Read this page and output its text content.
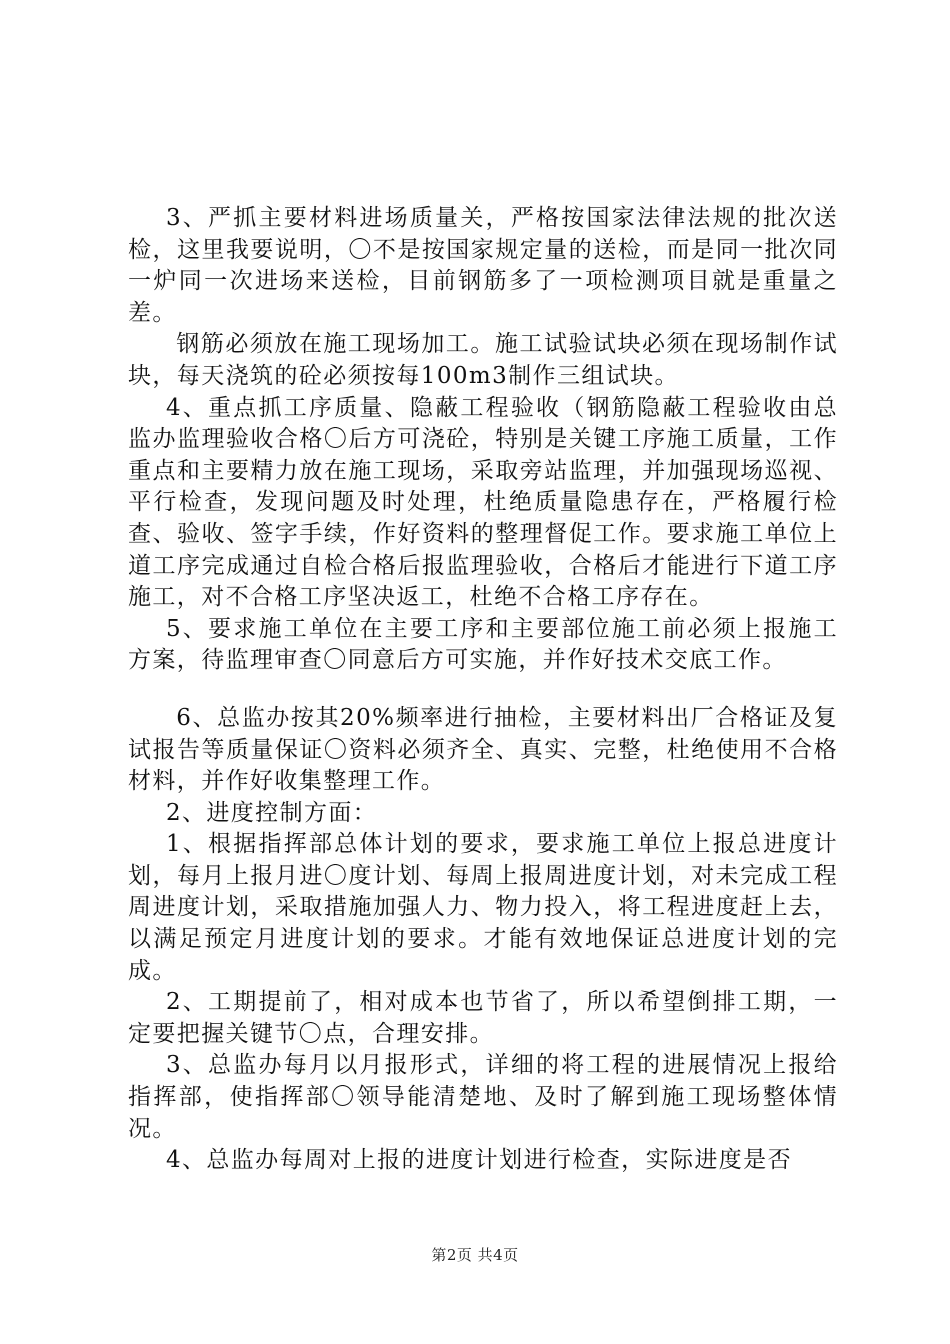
3、严抓主要材料进场质量关，严格按国家法律法规的批次送检，这里我要说明，〇不是按国家规定量的送检，而是同一批次同一炉同一次进场来送检，目前钢筋多了一项检测项目就是重量之差。

钢筋必须放在施工现场加工。施工试验试块必须在现场制作试块，每天浇筑的砼必须按每100m3制作三组试块。

4、重点抓工序质量、隐蔽工程验收（钢筋隐蔽工程验收由总监办监理验收合格〇后方可浇砼，特别是关键工序施工质量，工作重点和主要精力放在施工现场，采取旁站监理，并加强现场巡视、平行检查，发现问题及时处理，杜绝质量隐患存在，严格履行检查、验收、签字手续，作好资料的整理督促工作。要求施工单位上道工序完成通过自检合格后报监理验收，合格后才能进行下道工序施工，对不合格工序坚决返工，杜绝不合格工序存在。

5、要求施工单位在主要工序和主要部位施工前必须上报施工方案，待监理审查〇同意后方可实施，并作好技术交底工作。

6、总监办按其20%频率进行抽检，主要材料出厂合格证及复试报告等质量保证〇资料必须齐全、真实、完整，杜绝使用不合格材料，并作好收集整理工作。

2、进度控制方面：

1、根据指挥部总体计划的要求，要求施工单位上报总进度计划，每月上报月进〇度计划、每周上报周进度计划，对未完成工程周进度计划，采取措施加强人力、物力投入，将工程进度赶上去，以满足预定月进度计划的要求。才能有效地保证总进度计划的完成。

2、工期提前了，相对成本也节省了，所以希望倒排工期，一定要把握关键节〇点，合理安排。

3、总监办每月以月报形式，详细的将工程的进展情况上报给指挥部，使指挥部〇领导能清楚地、及时了解到施工现场整体情况。

4、总监办每周对上报的进度计划进行检查，实际进度是否

第2页 共4页
